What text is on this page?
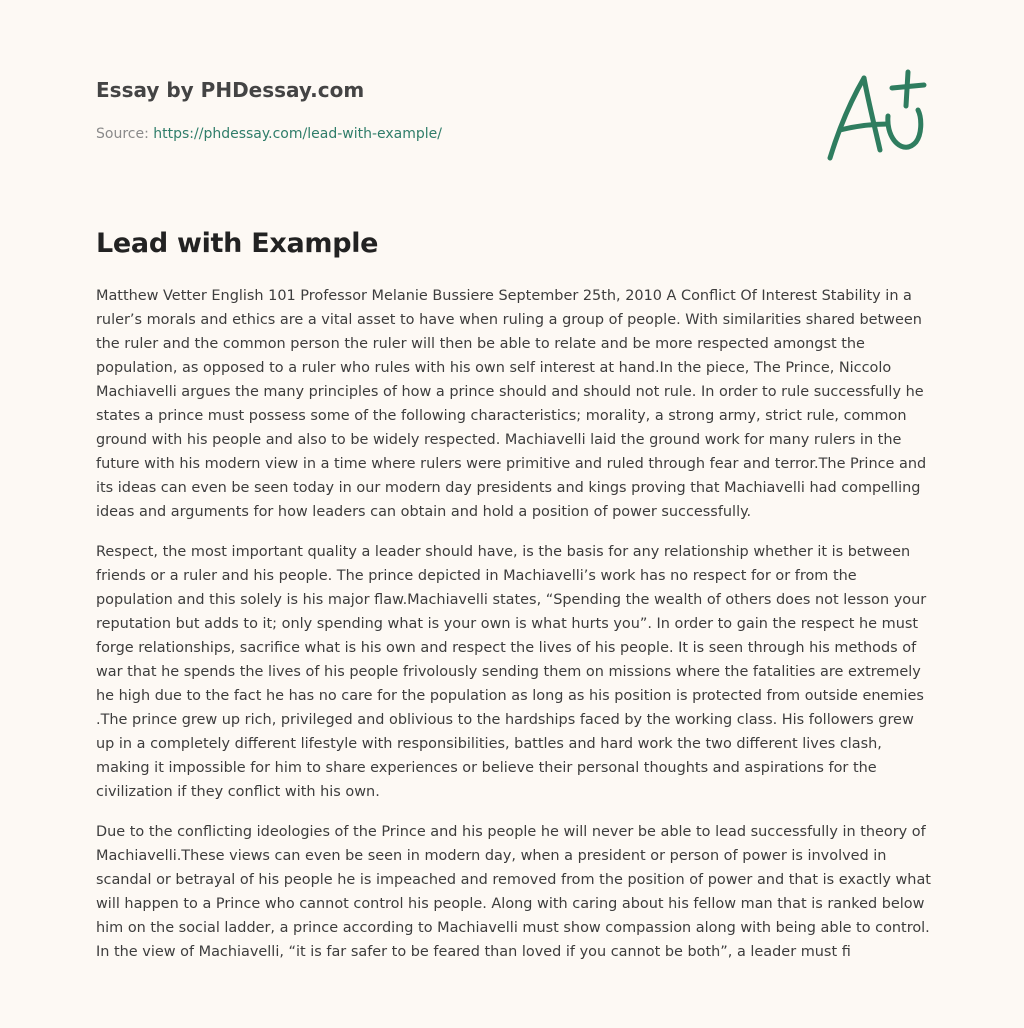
Essay by PHDessay.com
Source: https://phdessay.com/lead-with-example/
Lead with Example

Matthew Vetter English 101 Professor Melanie Bussiere September 25th, 2010 A Conflict Of Interest Stability in a ruler’s morals and ethics are a vital asset to have when ruling a group of people. With similarities shared between the ruler and the common person the ruler will then be able to relate and be more respected amongst the population, as opposed to a ruler who rules with his own self interest at hand.In the piece, The Prince, Niccolo Machiavelli argues the many principles of how a prince should and should not rule. In order to rule successfully he states a prince must possess some of the following characteristics; morality, a strong army, strict rule, common ground with his people and also to be widely respected. Machiavelli laid the ground work for many rulers in the future with his modern view in a time where rulers were primitive and ruled through fear and terror.The Prince and its ideas can even be seen today in our modern day presidents and kings proving that Machiavelli had compelling ideas and arguments for how leaders can obtain and hold a position of power successfully.

Respect, the most important quality a leader should have, is the basis for any relationship whether it is between friends or a ruler and his people. The prince depicted in Machiavelli’s work has no respect for or from the population and this solely is his major flaw.Machiavelli states, “Spending the wealth of others does not lesson your reputation but adds to it; only spending what is your own is what hurts you”. In order to gain the respect he must forge relationships, sacrifice what is his own and respect the lives of his people. It is seen through his methods of war that he spends the lives of his people frivolously sending them on missions where the fatalities are extremely he high due to the fact he has no care for the population as long as his position is protected from outside enemies .The prince grew up rich, privileged and oblivious to the hardships faced by the working class. His followers grew up in a completely different lifestyle with responsibilities, battles and hard work the two different lives clash, making it impossible for him to share experiences or believe their personal thoughts and aspirations for the civilization if they conflict with his own.

Due to the conflicting ideologies of the Prince and his people he will never be able to lead successfully in theory of Machiavelli.These views can even be seen in modern day, when a president or person of power is involved in scandal or betrayal of his people he is impeached and removed from the position of power and that is exactly what will happen to a Prince who cannot control his people. Along with caring about his fellow man that is ranked below him on the social ladder, a prince according to Machiavelli must show compassion along with being able to control. In the view of Machiavelli, “it is far safer to be feared than loved if you cannot be both”, a leader must fi
